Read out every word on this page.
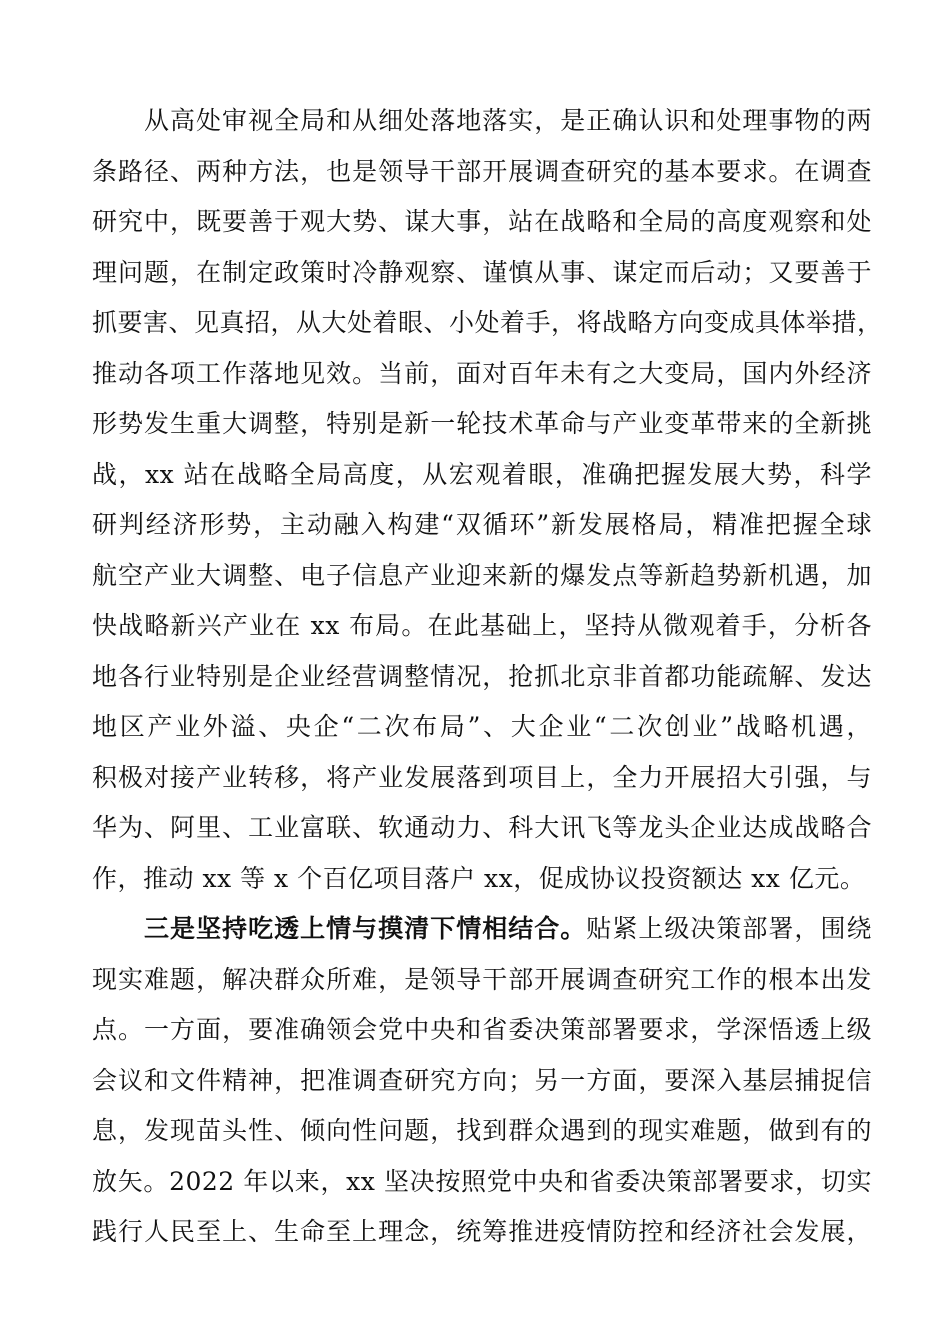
从高处审视全局和从细处落地落实，是正确认识和处理事物的两
条路径、两种方法，也是领导干部开展调查研究的基本要求。在调查
研究中，既要善于观大势、谋大事，站在战略和全局的高度观察和处
理问题，在制定政策时冷静观察、谨慎从事、谋定而后动；又要善于
抓要害、见真招，从大处着眼、小处着手，将战略方向变成具体举措，
推动各项工作落地见效。当前，面对百年未有之大变局，国内外经济
形势发生重大调整，特别是新一轮技术革命与产业变革带来的全新挑
战，xx 站在战略全局高度，从宏观着眼，准确把握发展大势，科学
研判经济形势，主动融入构建“双循环”新发展格局，精准把握全球
航空产业大调整、电子信息产业迎来新的爆发点等新趋势新机遇，加
快战略新兴产业在 xx 布局。在此基础上，坚持从微观着手，分析各
地各行业特别是企业经营调整情况，抢抓北京非首都功能疏解、发达
地区产业外溢、央企“二次布局”、大企业“二次创业”战略机遇，
积极对接产业转移，将产业发展落到项目上，全力开展招大引强，与
华为、阿里、工业富联、软通动力、科大讯飞等龙头企业达成战略合
作，推动 xx 等 x 个百亿项目落户 xx，促成协议投资额达 xx 亿元。
三是坚持吃透上情与摸清下情相结合。贴紧上级决策部署，围绕
现实难题，解决群众所难，是领导干部开展调查研究工作的根本出发
点。一方面，要准确领会党中央和省委决策部署要求，学深悟透上级
会议和文件精神，把准调查研究方向；另一方面，要深入基层捕捉信
息，发现苗头性、倾向性问题，找到群众遇到的现实难题，做到有的
放矢。2022 年以来，xx 坚决按照党中央和省委决策部署要求，切实
践行人民至上、生命至上理念，统筹推进疫情防控和经济社会发展，
